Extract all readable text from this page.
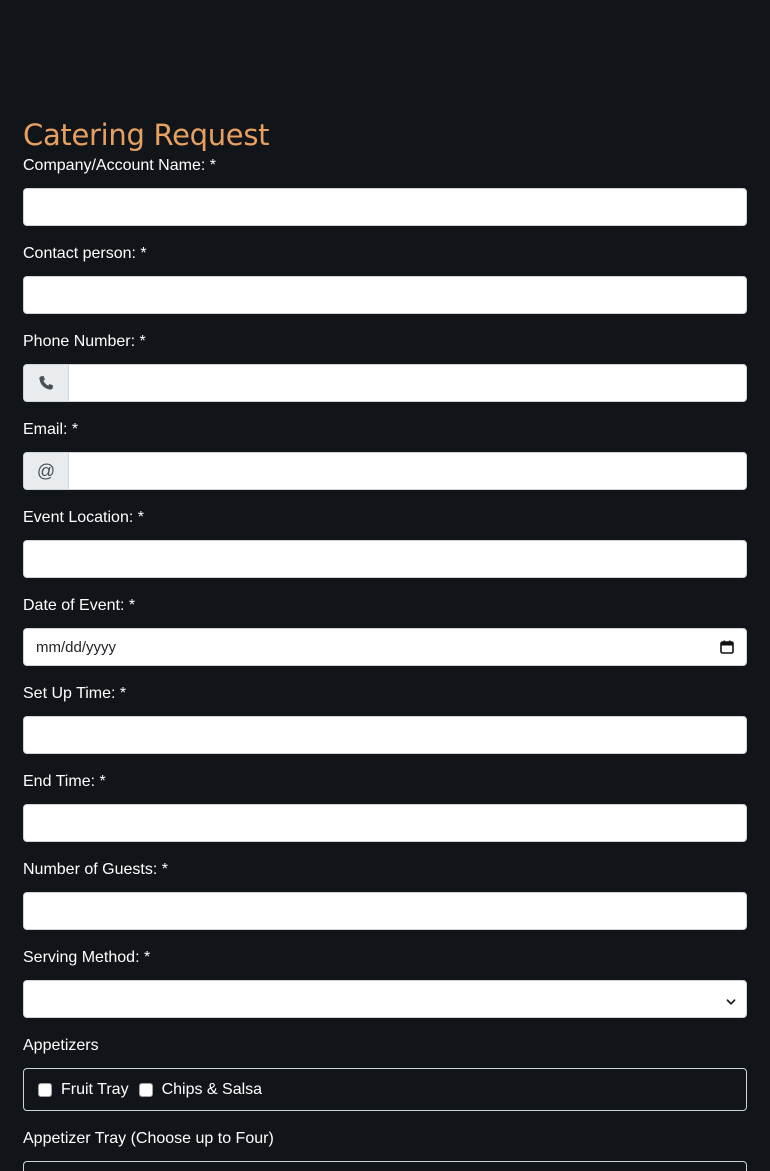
Catering Request
Company/Account Name: *
Contact person: *
Phone Number: *
Email: *
@
Event Location: *
Date of Event: *
mm/dd/yyyy
Set Up Time: *
End Time: *
Number of Guests: *
Serving Method: *
Appetizers
Fruit Tray Chips & Salsa
Appetizer Tray (Choose up to Four)
